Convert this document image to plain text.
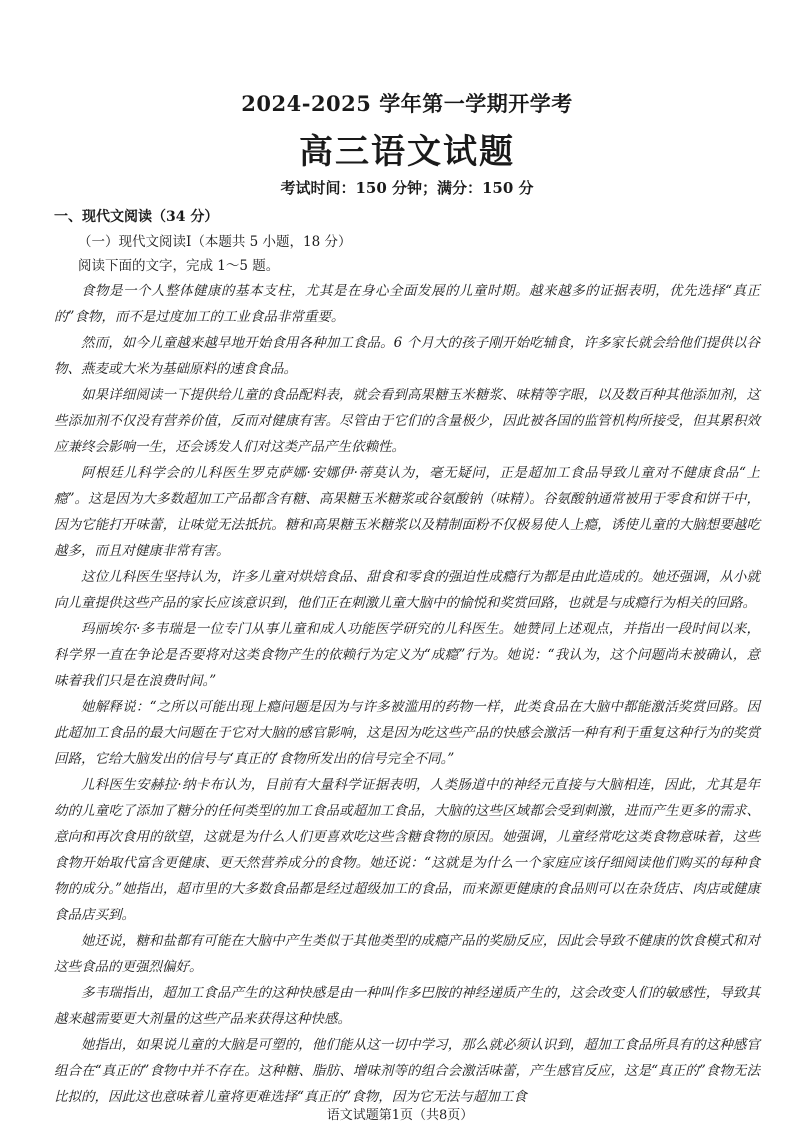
2024-2025 学年第一学期开学考
高三语文试题
考试时间：150 分钟；满分：150 分
一、现代文阅读（34 分）
（一）现代文阅读Ⅰ（本题共 5 小题，18 分）
阅读下面的文字，完成 1～5 题。

食物是一个人整体健康的基本支柱，尤其是在身心全面发展的儿童时期。越来越多的证据表明，优先选择“真正的”食物，而不是过度加工的工业食品非常重要。

然而，如今儿童越来越早地开始食用各种加工食品。6 个月大的孩子刚开始吃辅食，许多家长就会给他们提供以谷物、燕麦或大米为基础原料的速食食品。

如果详细阅读一下提供给儿童的食品配料表，就会看到高果糖玉米糖浆、味精等字眼，以及数百种其他添加剂，这些添加剂不仅没有营养价值，反而对健康有害。尽管由于它们的含量极少，因此被各国的监管机构所接受，但其累积效应兼终会影响一生，还会诱发人们对这类产品产生依赖性。

阿根廷儿科学会的儿科医生罗克萨娜·安娜伊·蒂莫认为，毫无疑问，正是超加工食品导致儿童对不健康食品“上瘾”。这是因为大多数超加工产品都含有糖、高果糖玉米糖浆或谷氨酸钠（味精）。谷氨酸钠通常被用于零食和饼干中，因为它能打开味蕾，让味觉无法抵抗。糖和高果糖玉米糖浆以及精制面粉不仅极易使人上瘾，诱使儿童的大脑想要越吃越多，而且对健康非常有害。

这位儿科医生坚持认为，许多儿童对烘焙食品、甜食和零食的强迫性成瘾行为都是由此造成的。她还强调，从小就向儿童提供这些产品的家长应该意识到，他们正在刺激儿童大脑中的愉悦和奖赏回路，也就是与成瘾行为相关的回路。

玛丽埃尔·多韦瑞是一位专门从事儿童和成人功能医学研究的儿科医生。她赞同上述观点，并指出一段时间以来，科学界一直在争论是否要将对这类食物产生的依赖行为定义为“成瘾”行为。她说：“我认为，这个问题尚未被确认，意味着我们只是在浪费时间。”

她解释说：“之所以可能出现上瘾问题是因为与许多被滥用的药物一样，此类食品在大脑中都能激活奖赏回路。因此超加工食品的最大问题在于它对大脑的感官影响，这是因为吃这些产品的快感会激活一种有利于重复这种行为的奖赏回路，它给大脑发出的信号与‘真正的’食物所发出的信号完全不同。”

儿科医生安赫拉·纳卡布认为，目前有大量科学证据表明，人类肠道中的神经元直接与大脑相连，因此，尤其是年幼的儿童吃了添加了糖分的任何类型的加工食品或超加工食品，大脑的这些区域都会受到刺激，进而产生更多的需求、意向和再次食用的欲望，这就是为什么人们更喜欢吃这些含糖食物的原因。她强调，儿童经常吃这类食物意味着，这些食物开始取代富含更健康、更天然营养成分的食物。她还说：“这就是为什么一个家庭应该仔细阅读他们购买的每种食物的成分。”她指出，超市里的大多数食品都是经过超级加工的食品，而来源更健康的食品则可以在杂货店、肉店或健康食品店买到。

她还说，糖和盐都有可能在大脑中产生类似于其他类型的成瘾产品的奖励反应，因此会导致不健康的饮食模式和对这些食品的更强烈偏好。

多韦瑞指出，超加工食品产生的这种快感是由一种叫作多巴胺的神经递质产生的，这会改变人们的敏感性，导致其越来越需要更大剂量的这些产品来获得这种快感。

她指出，如果说儿童的大脑是可塑的，他们能从这一切中学习，那么就必须认识到，超加工食品所具有的这种感官组合在“真正的”食物中并不存在。这种糖、脂肪、增味剂等的组合会激活味蕾，产生感官反应，这是“真正的”食物无法比拟的，因此这也意味着儿童将更难选择“真正的”食物，因为它无法与超加工食

语文试题第1页（共8页）
